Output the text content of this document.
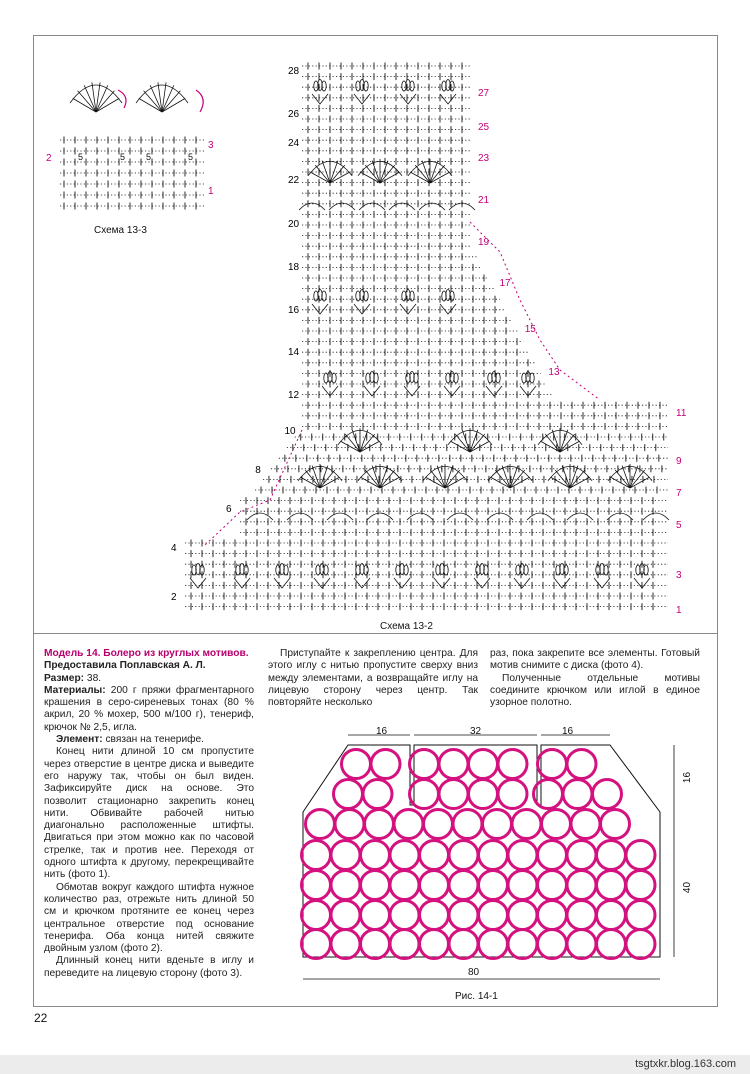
5	5 5	5
2
3
1
Схема 13-3
28
26
24
22
20
18
16
14
12
10
8
6
4
2
27
25
23
21
19
17
15
13
11
9
7
5
3
1
Схема 13-2

Модель 14. Болеро из круглых мотивов.

Предоставила Поплавская А. Л.

Размер: 38.

Материалы: 200 г пряжи фрагментарного крашения в серо-сиреневых тонах (80 % акрил, 20 % мохер, 500 м/100 г), тенериф, крючок № 2,5, игла.

Элемент: связан на тенерифе.

Конец нити длиной 10 см пропустите через отверстие в центре диска и выведите его наружу так, чтобы он был виден. Зафиксируйте диск на основе. Это позволит стационарно закрепить конец нити. Обвивайте рабочей нитью диагонально расположенные штифты. Двигаться при этом можно как по часовой стрелке, так и против нее. Переходя от одного штифта к другому, перекрещивайте нить (фото 1).

Обмотав вокруг каждого штифта нужное количество раз, отрежьте нить длиной 50 см и крючком протяните ее конец через центральное отверстие под основание тенерифа. Оба конца нитей свяжите двойным узлом (фото 2).

Длинный конец нити вденьте в иглу и переведите на лицевую сторону (фото 3).

Приступайте к закреплению центра. Для этого иглу с нитью пропустите сверху вниз между элементами, а возвращайте иглу на лицевую сторону через центр. Так повторяйте несколько

раз, пока закрепите все элементы. Готовый мотив снимите с диска (фото 4).

Полученные отдельные мотивы соедините крючком или иглой в единое узорное полотно.

16	32	16
16
40
80
Рис. 14-1
22
tsgtxkr.blog.163.com
